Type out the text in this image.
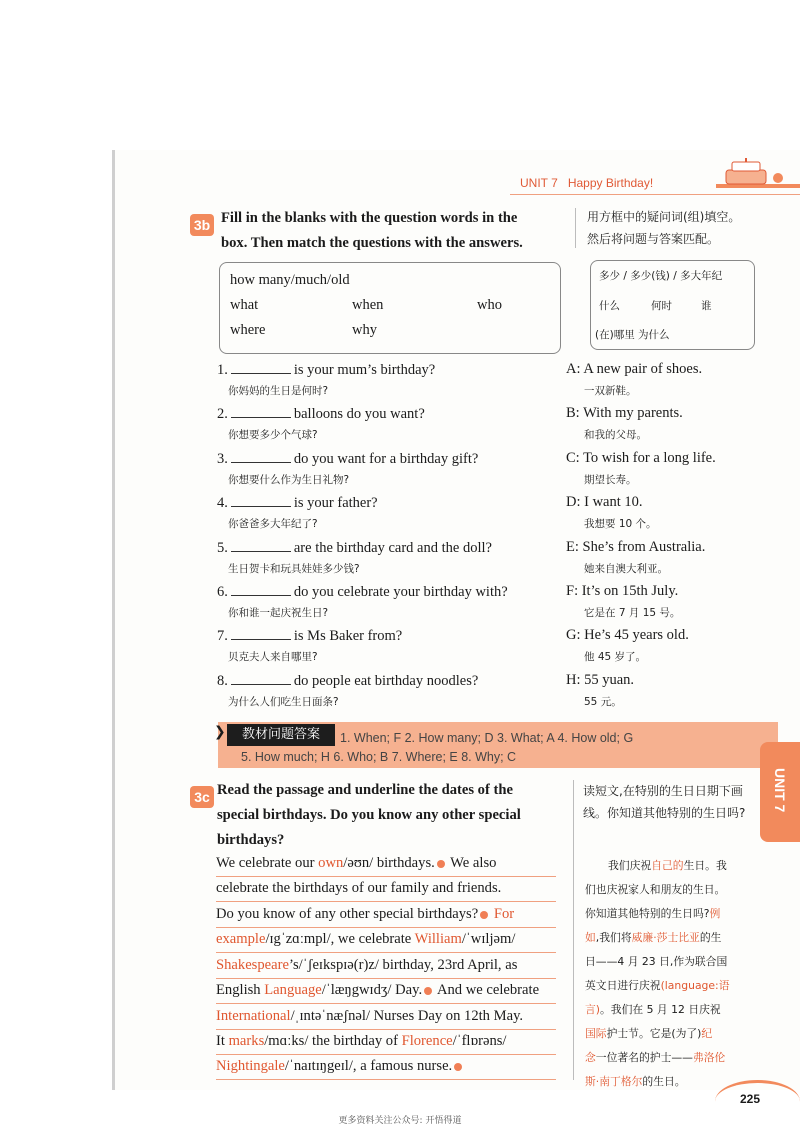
UNIT 7 Happy Birthday!
3b Fill in the blanks with the question words in the
box. Then match the questions with the answers.
用方框中的疑问词(组)填空。
然后将问题与答案匹配。
how many/much/old
what	when	who
where	why
多少 / 多少(钱) / 多大年纪
什么	何时	谁
(在)哪里 为什么
1.	is your mum’s birthday?
你妈妈的生日是何时?
2.	balloons do you want?
你想要多少个气球?
3.	do you want for a birthday gift?
你想要什么作为生日礼物?
4.	is your father?
你爸爸多大年纪了?
5.	are the birthday card and the doll?
生日贺卡和玩具娃娃多少钱?
6.	do you celebrate your birthday with?
你和谁一起庆祝生日?
7.	is Ms Baker from?
贝克夫人来自哪里?
8.	do people eat birthday noodles?
为什么人们吃生日面条?
A: A new pair of shoes.
一双新鞋。
B: With my parents.
和我的父母。
C: To wish for a long life.
期望长寿。
D: I want 10.
我想要 10 个。
E: She’s from Australia.
她来自澳大利亚。
F: It’s on 15th July.
它是在 7 月 15 号。
G: He’s 45 years old.
他 45 岁了。
H: 55 yuan.
55 元。
❯	教材问题答案	1. When; F 2. How many; D 3. What; A 4. How old; G
5. How much; H 6. Who; B 7. Where; E 8. Why; C
UNIT 7
3c Read the passage and underline the dates of the
special birthdays. Do you know any other special
birthdays?
读短文,在特别的生日日期下画
线。你知道其他特别的生日吗?
We celebrate our own/əʊn/ birthdays. We also
celebrate the birthdays of our family and friends.
Do you know of any other special birthdays? For
example/ɪgˈzɑːmpl/, we celebrate William/ˈwɪljəm/
Shakespeare’s/ˈʃeɪkspɪə(r)z/ birthday, 23rd April, as
English Language/ˈlæŋgwɪdʒ/ Day. And we celebrate
International/ˌɪntəˈnæʃnəl/ Nurses Day on 12th May.
It marks/mɑːks/ the birthday of Florence/ˈflɒrəns/
Nightingale/ˈnaɪtɪŋgeɪl/, a famous nurse.
我们庆祝自己的生日。我
们也庆祝家人和朋友的生日。
你知道其他特别的生日吗?例
如,我们将威廉·莎士比亚的生
日——4 月 23 日,作为联合国
英文日进行庆祝(language:语
言)。我们在 5 月 12 日庆祝
国际护士节。它是(为了)纪
念一位著名的护士——弗洛伦
斯·南丁格尔的生日。
225
更多资料关注公众号: 开悟得道
